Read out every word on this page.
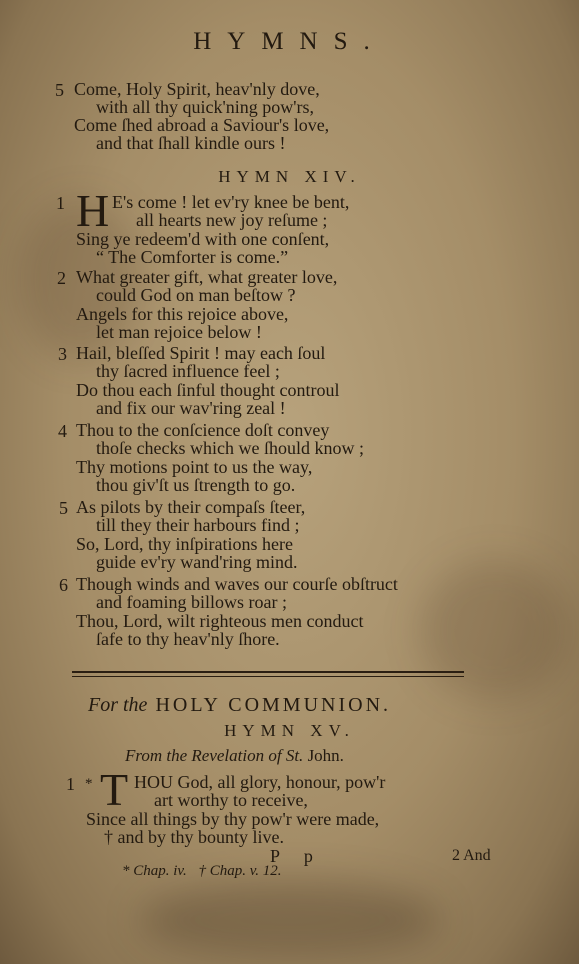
HYMNS.
5 Come, Holy Spirit, heav'nly dove,
with all thy quick'ning pow'rs,
Come ſhed abroad a Saviour's love,
and that ſhall kindle ours !
HYMN XIV.
1 H E's come ! let ev'ry knee be bent,
all hearts new joy reſume ;
Sing ye redeem'd with one conſent,
“ The Comforter is come.”
2 What greater gift, what greater love,
could God on man beſtow ?
Angels for this rejoice above,
let man rejoice below !
3 Hail, bleſſed Spirit ! may each ſoul
thy ſacred influence feel ;
Do thou each ſinful thought controul
and fix our wav'ring zeal !
4 Thou to the conſcience doſt convey
thoſe checks which we ſhould know ;
Thy motions point to us the way,
thou giv'ſt us ſtrength to go.
5 As pilots by their compaſs ſteer,
till they their harbours find ;
So, Lord, thy inſpirations here
guide ev'ry wand'ring mind.
6 Though winds and waves our courſe obſtruct
and foaming billows roar ;
Thou, Lord, wilt righteous men conduct
ſafe to thy heav'nly ſhore.
For the HOLY COMMUNION.
HYMN XV.
From the Revelation of St. John.
1 * T HOU God, all glory, honour, pow'r
art worthy to receive,
Since all things by thy pow'r were made,
† and by thy bounty live.
P p	2 And
* Chap. iv. † Chap. v. 12.
